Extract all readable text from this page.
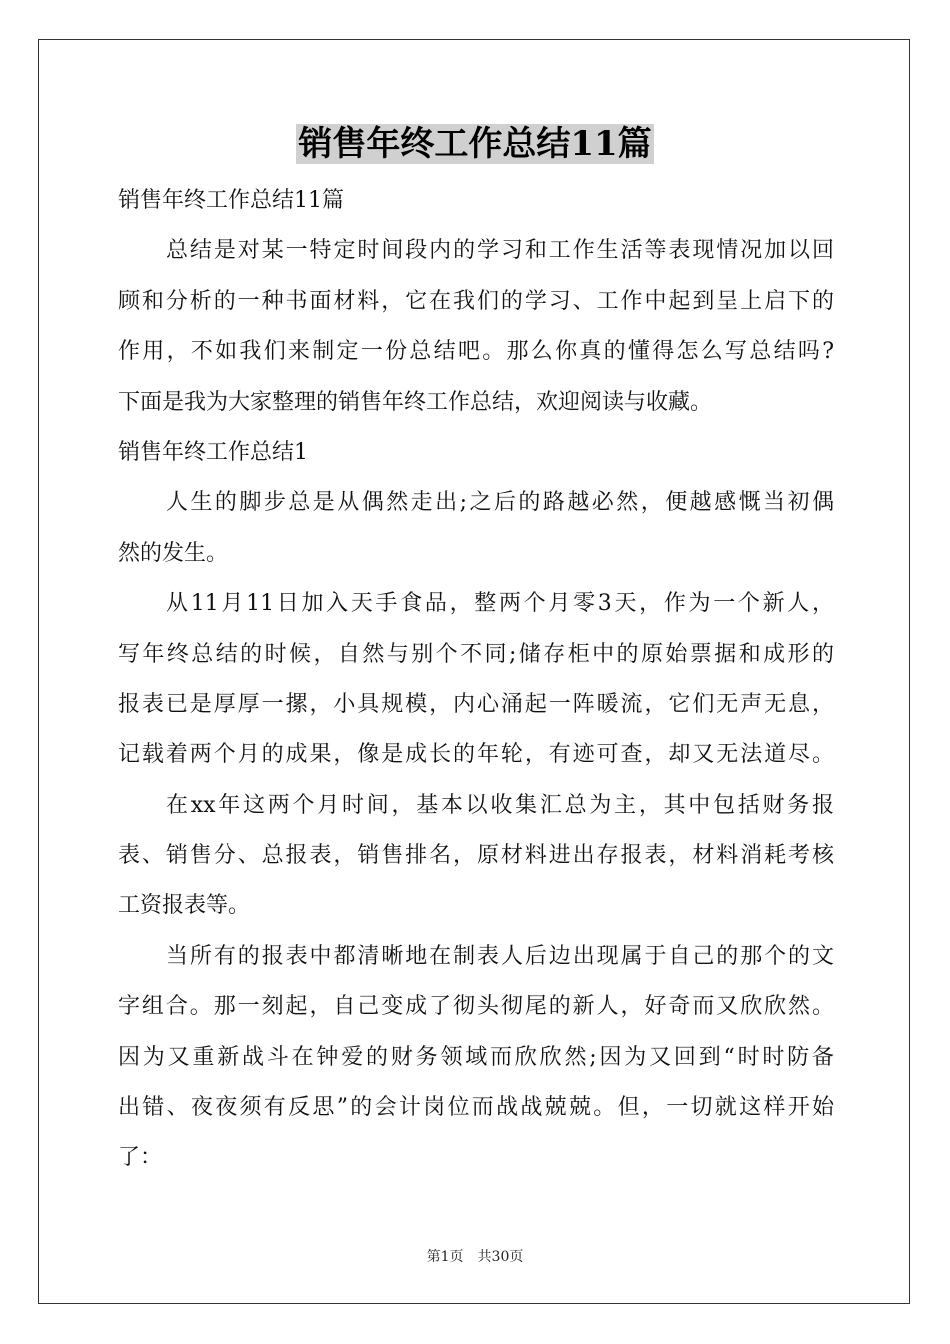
销售年终工作总结11篇
销售年终工作总结11篇
总结是对某一特定时间段内的学习和工作生活等表现情况加以回
顾和分析的一种书面材料，它在我们的学习、工作中起到呈上启下的
作用，不如我们来制定一份总结吧。那么你真的懂得怎么写总结吗?
下面是我为大家整理的销售年终工作总结，欢迎阅读与收藏。
销售年终工作总结1
人生的脚步总是从偶然走出;之后的路越必然，便越感慨当初偶
然的发生。
从11月11日加入天手食品，整两个月零3天，作为一个新人，
写年终总结的时候，自然与别个不同;储存柜中的原始票据和成形的
报表已是厚厚一摞，小具规模，内心涌起一阵暖流，它们无声无息，
记载着两个月的成果，像是成长的年轮，有迹可查，却又无法道尽。
在xx年这两个月时间，基本以收集汇总为主，其中包括财务报
表、销售分、总报表，销售排名，原材料进出存报表，材料消耗考核
工资报表等。
当所有的报表中都清晰地在制表人后边出现属于自己的那个的文
字组合。那一刻起，自己变成了彻头彻尾的新人，好奇而又欣欣然。
因为又重新战斗在钟爱的财务领域而欣欣然;因为又回到“时时防备
出错、夜夜须有反思”的会计岗位而战战兢兢。但，一切就这样开始
了：
第1页 共30页
